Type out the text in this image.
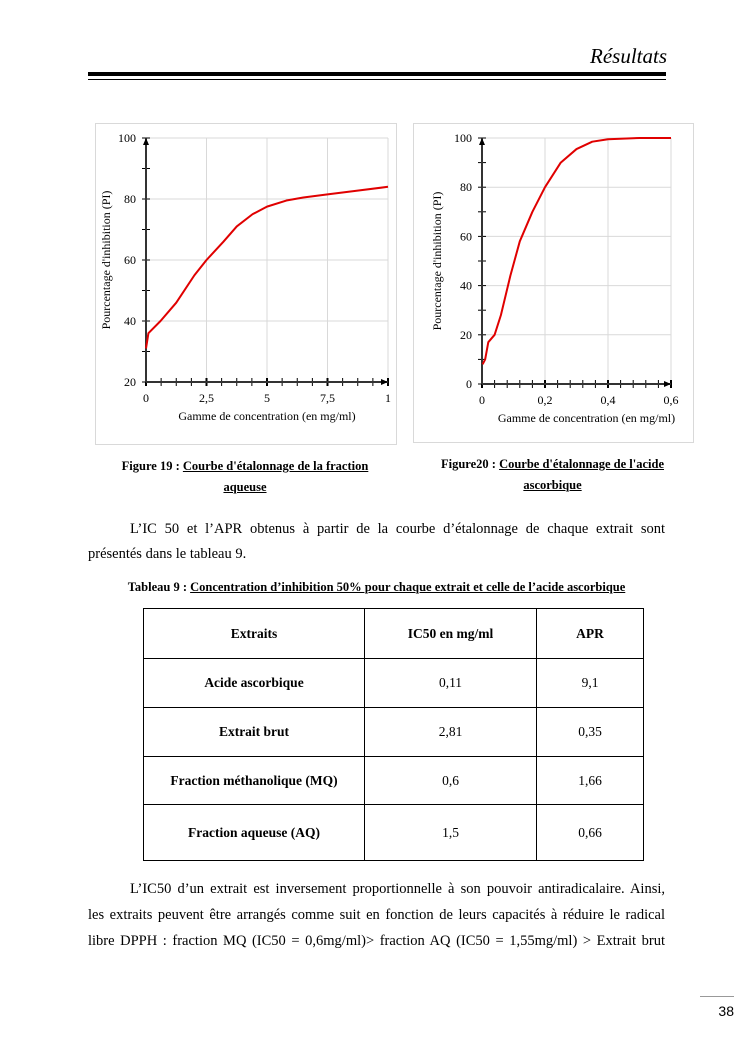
Résultats
20
40
60
80
100
0	2,5	5	7,5	1
Gamme de concentration (en mg/ml)
Pourcentage d'inhibition (PI)
0
20
40
60
80
100
0	0,2	0,4	0,6
Gamme de concentration (en mg/ml)
Pourcentage d'inhibition (PI)
Figure 19 : Courbe d'étalonnage de la fraction
aqueuse
Figure20 : Courbe d'étalonnage de l'acide
ascorbique
L’IC 50 et l’APR obtenus à partir de la courbe d’étalonnage de chaque extrait sont
présentés dans le tableau 9.
Tableau 9 : Concentration d’inhibition 50% pour chaque extrait et celle de l’acide ascorbique
Extraits	IC50 en mg/ml	APR
Acide ascorbique	0,11	9,1
Extrait brut	2,81	0,35
Fraction méthanolique (MQ)	0,6	1,66
Fraction aqueuse (AQ)	1,5	0,66
L’IC50 d’un extrait est inversement proportionnelle à son pouvoir antiradicalaire. Ainsi,
les extraits peuvent être arrangés comme suit en fonction de leurs capacités à réduire le radical
libre DPPH : fraction MQ (IC50 = 0,6mg/ml)> fraction AQ (IC50 = 1,55mg/ml) > Extrait brut
38
